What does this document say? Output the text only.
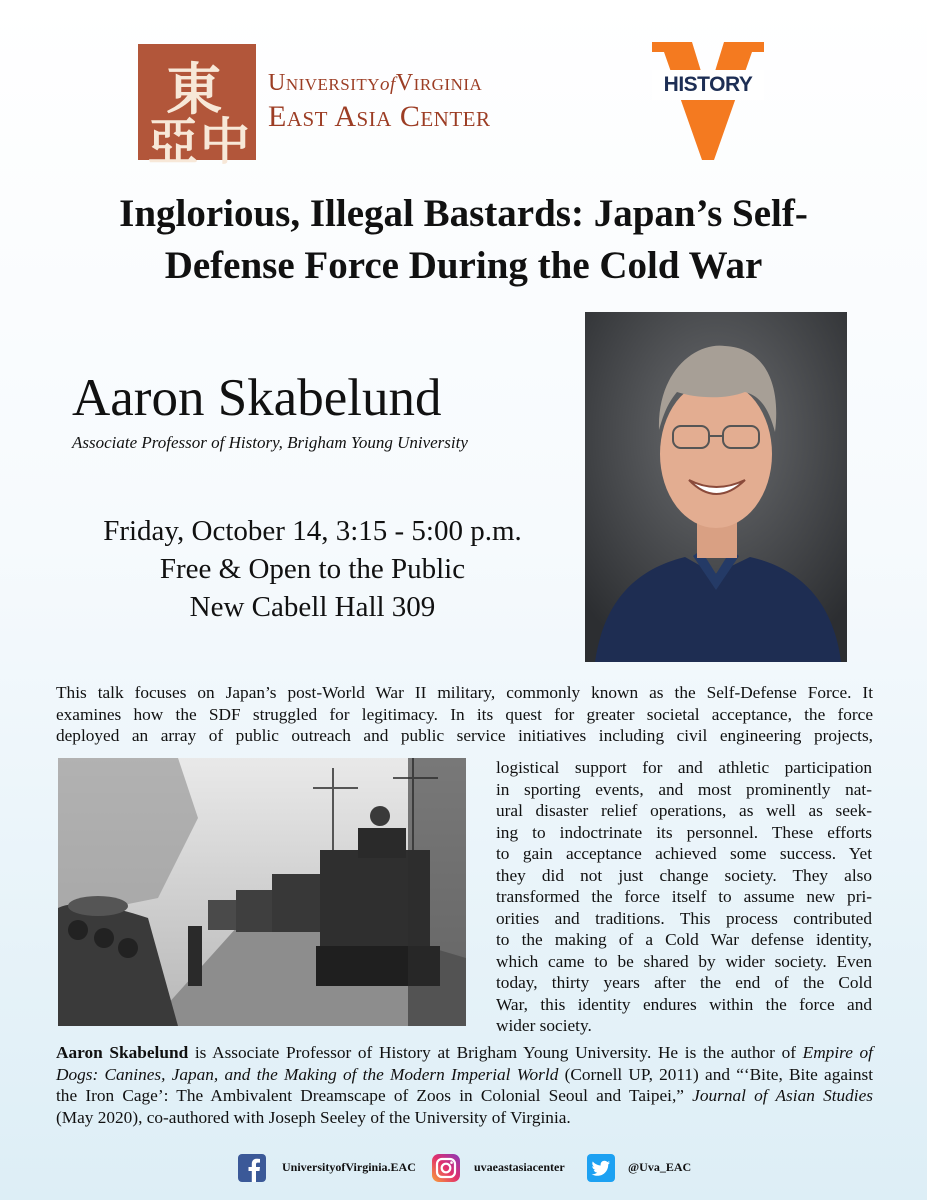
東
亞 中
UniversityofVirginia
East Asia Center
HISTORY
Inglorious, Illegal Bastards: Japan’s Self-
Defense Force During the Cold War
Aaron Skabelund
Associate Professor of History, Brigham Young University
Friday, October 14, 3:15 - 5:00 p.m.
Free & Open to the Public
New Cabell Hall 309
This talk focuses on Japan’s post-World War II military, commonly known as the Self-Defense Force. It
examines how the SDF struggled for legitimacy. In its quest for greater societal acceptance, the force
deployed an array of public outreach and public service initiatives including civil engineering projects,
logistical support for and athletic participation
in sporting events, and most prominently nat-
ural disaster relief operations, as well as seek-
ing to indoctrinate its personnel. These efforts
to gain acceptance achieved some success. Yet
they did not just change society. They also
transformed the force itself to assume new pri-
orities and traditions. This process contributed
to the making of a Cold War defense identity,
which came to be shared by wider society. Even
today, thirty years after the end of the Cold
War, this identity endures within the force and
wider society.
Aaron Skabelund is Associate Professor of History at Brigham Young University. He is the author of Empire of
Dogs: Canines, Japan, and the Making of the Modern Imperial World (Cornell UP, 2011) and “‘Bite, Bite against
the Iron Cage’: The Ambivalent Dreamscape of Zoos in Colonial Seoul and Taipei,” Journal of Asian Studies
(May 2020), co-authored with Joseph Seeley of the University of Virginia.
UniversityofVirginia.EAC	uvaeastasiacenter	@Uva_EAC
